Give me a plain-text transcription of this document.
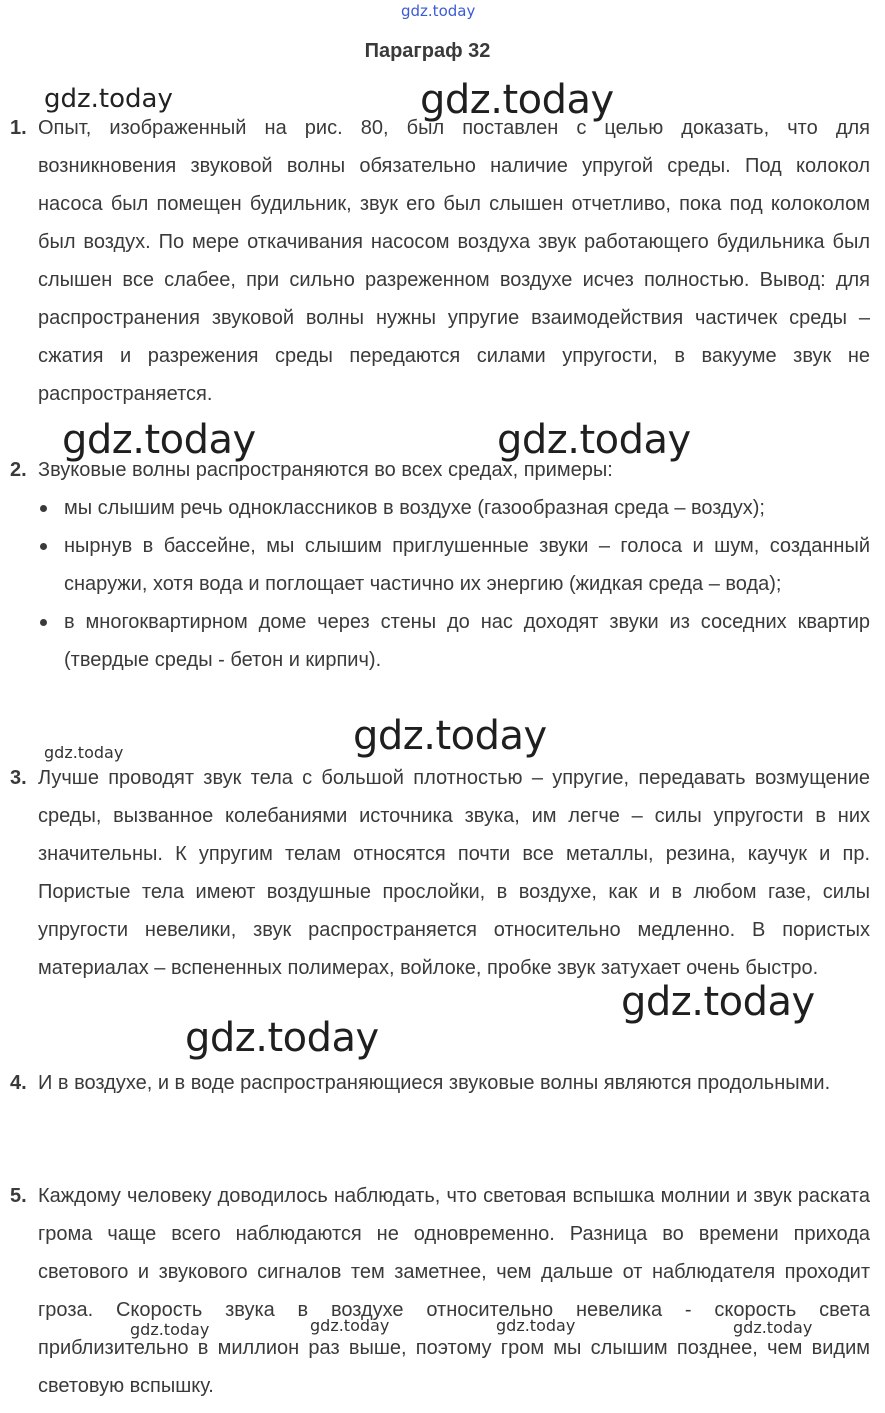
gdz.today
gdz.today	gdz.today
gdz.today	gdz.today
gdz.today	gdz.today
gdz.today
gdz.today
gdz.today	gdz.today	gdz.today	gdz.today
Параграф 32
1. Опыт, изображенный на рис. 80, был поставлен с целью доказать, что для возникновения звуковой волны обязательно наличие упругой среды. Под колокол насоса был помещен будильник, звук его был слышен отчетливо, пока под колоколом был воздух. По мере откачивания насосом воздуха звук работающего будильника был слышен все слабее, при сильно разреженном воздухе исчез полностью. Вывод: для распространения звуковой волны нужны упругие взаимодействия частичек среды – сжатия и разрежения среды передаются силами упругости, в вакууме звук не распространяется.
2. Звуковые волны распространяются во всех средах, примеры:
мы слышим речь одноклассников в воздухе (газообразная среда – воздух);
нырнув в бассейне, мы слышим приглушенные звуки – голоса и шум, созданный снаружи, хотя вода и поглощает частично их энергию (жидкая среда – вода);
в многоквартирном доме через стены до нас доходят звуки из соседних квартир (твердые среды - бетон и кирпич).
3. Лучше проводят звук тела с большой плотностью – упругие, передавать возмущение среды, вызванное колебаниями источника звука, им легче – силы упругости в них значительны. К упругим телам относятся почти все металлы, резина, каучук и пр. Пористые тела имеют воздушные прослойки, в воздухе, как и в любом газе, силы упругости невелики, звук распространяется относительно медленно. В пористых материалах – вспененных полимерах, войлоке, пробке звук затухает очень быстро.
4. И в воздухе, и в воде распространяющиеся звуковые волны являются продольными.
5. Каждому человеку доводилось наблюдать, что световая вспышка молнии и звук раската грома чаще всего наблюдаются не одновременно. Разница во времени прихода светового и звукового сигналов тем заметнее, чем дальше от наблюдателя проходит гроза. Скорость звука в воздухе относительно невелика - скорость света приблизительно в миллион раз выше, поэтому гром мы слышим позднее, чем видим световую вспышку.
